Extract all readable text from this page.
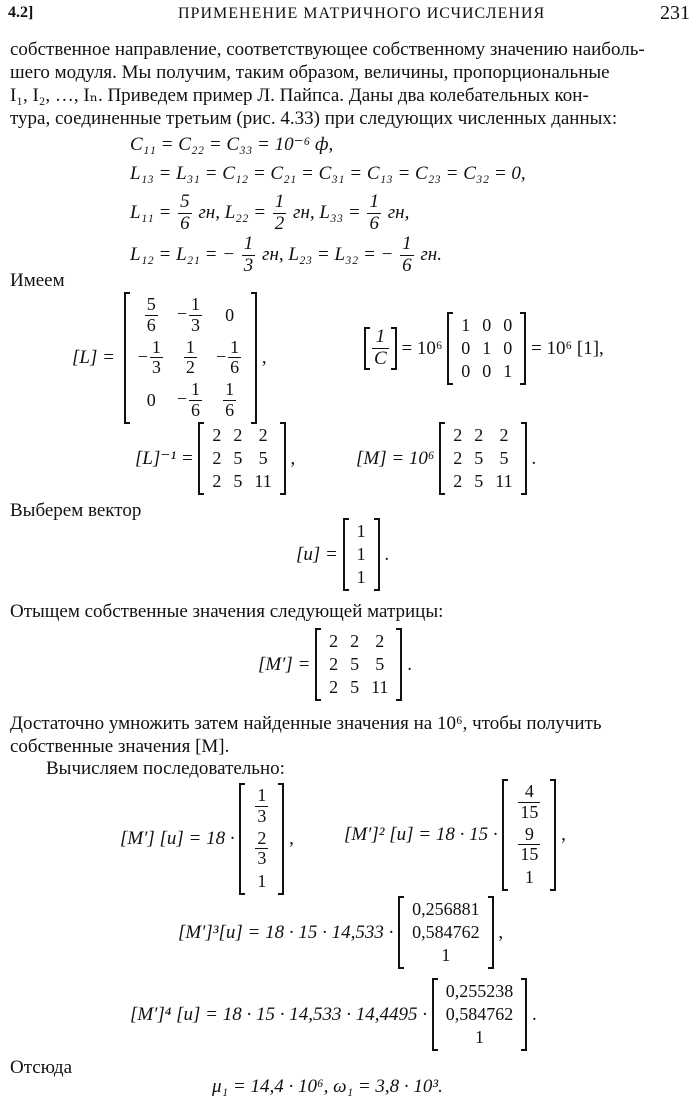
4.2]	ПРИМЕНЕНИЕ МАТРИЧНОГО ИСЧИСЛЕНИЯ	231
собственное направление, соответствующее собственному значению наиболь-
шего модуля. Мы получим, таким образом, величины, пропорциональные
I₁, I₂, …, Iₙ. Приведем пример Л. Пайпса. Даны два колебательных кон-
тура, соединенные третьим (рис. 4.33) при следующих численных данных:
C₁₁ = C₂₂ = C₃₃ = 10⁻⁶ ф,
L₁₃ = L₃₁ = C₁₂ = C₂₁ = C₃₁ = C₁₃ = C₂₃ = C₃₂ = 0,
$L_{11} = \frac{5}{6}$ гн, $L_{22} = \frac{1}{2}$ гн, $L_{33} = \frac{1}{6}$ гн,
L₁₂ = L₂₁ = − $\frac{1}{3}$ гн, L₂₃ = L₃₂ = − $\frac{1}{6}$ гн.
Имеем
[L] =
$\frac{5}{6}$	− $\frac{1}{3}$	0
− $\frac{1}{3}$	$\frac{1}{2}$	− $\frac{1}{6}$

0	− $\frac{1}{6}$	$\frac{1}{6}$
,	$\frac{1}{C} = 10^6$
1	0	0
0	1	0
0	0	1
= 10⁶ [1],
[L]⁻¹ =
2	2	2
2	5	5
2	5	11
,	[M] = 10⁶
2	2	2
2	5	5
2	5	11
.
Выберем вектор
[u] =
1
1
1
.
Отыщем собственные значения следующей матрицы:
[M′] =
2	2	2
2	5	5
2	5	11
.
Достаточно умножить затем найденные значения на 10⁶, чтобы получить
собственные значения [M].
Вычисляем последовательно:
[M′] [u] = 18 ·
$\frac{1}{3}$

$\frac{2}{3}$

1
,	[M′]² [u] = 18 · 15 ·
$\frac{4}{15}$

$\frac{9}{15}$

1
,
[M′]³[u] = 18 · 15 · 14,533 ·
0,256881
0,584762
1
,
[M′]⁴ [u] = 18 · 15 · 14,533 · 14,4495 ·
0,255238
0,584762
1
.
Отсюда
μ₁ = 14,4 · 10⁶, ω₁ = 3,8 · 10³.
